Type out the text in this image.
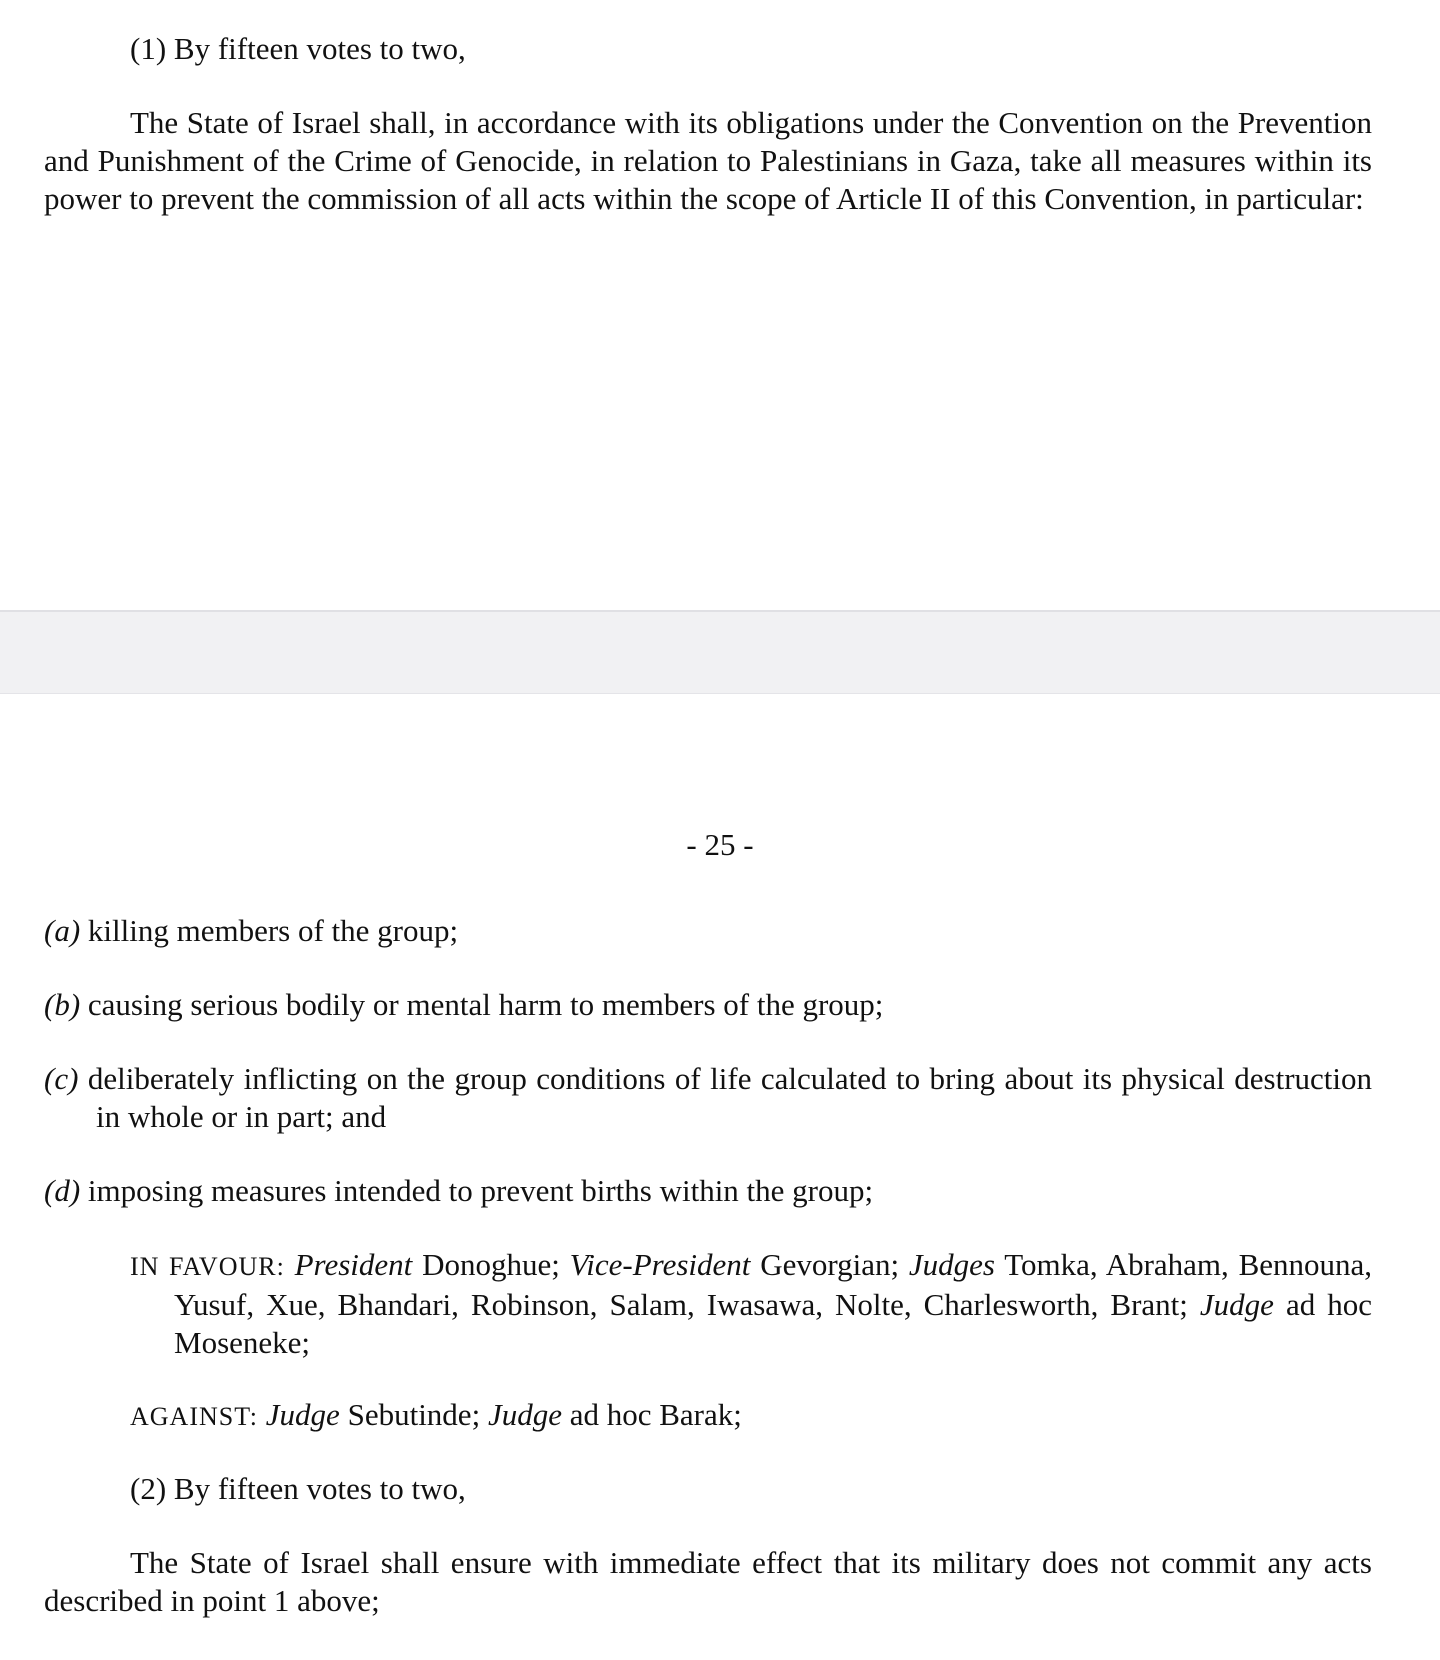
(1) By fifteen votes to two,
The State of Israel shall, in accordance with its obligations under the Convention on the Prevention and Punishment of the Crime of Genocide, in relation to Palestinians in Gaza, take all measures within its power to prevent the commission of all acts within the scope of Article II of this Convention, in particular:
- 25 -
(a) killing members of the group;
(b) causing serious bodily or mental harm to members of the group;
(c) deliberately inflicting on the group conditions of life calculated to bring about its physical destruction in whole or in part; and
(d) imposing measures intended to prevent births within the group;
IN FAVOUR: President Donoghue; Vice-President Gevorgian; Judges Tomka, Abraham, Bennouna, Yusuf, Xue, Bhandari, Robinson, Salam, Iwasawa, Nolte, Charlesworth, Brant; Judge ad hoc Moseneke;
AGAINST: Judge Sebutinde; Judge ad hoc Barak;
(2) By fifteen votes to two,
The State of Israel shall ensure with immediate effect that its military does not commit any acts described in point 1 above;
